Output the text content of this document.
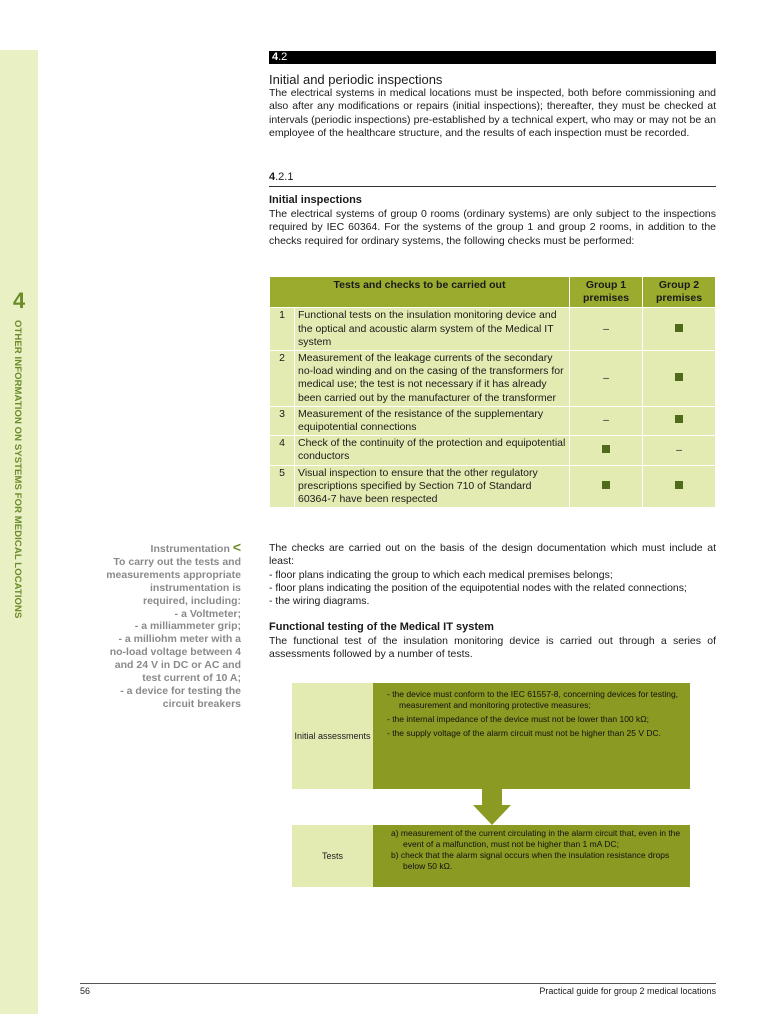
4
OTHER INFORMATION ON SYSTEMS FOR MEDICAL LOCATIONS
4.2
Initial and periodic inspections
The electrical systems in medical locations must be inspected, both before commissioning and also after any modifications or repairs (initial inspections); thereafter, they must be checked at intervals (periodic inspections) pre-established by a technical expert, who may or may not be an employee of the healthcare structure, and the results of each inspection must be recorded.
4.2.1
Initial inspections
The electrical systems of group 0 rooms (ordinary systems) are only subject to the inspections required by IEC 60364. For the systems of the group 1 and group 2 rooms, in addition to the checks required for ordinary systems, the following checks must be performed:
Tests and checks to be carried out		Group 1 premises	Group 2 premises
1	Functional tests on the insulation monitoring device and the optical and acoustic alarm system of the Medical IT system	–	
2	Measurement of the leakage currents of the secondary no-load winding and on the casing of the transformers for medical use; the test is not necessary if it has already been carried out by the manufacturer of the transformer	–	
3	Measurement of the resistance of the supplementary equipotential connections	–	
4	Check of the continuity of the protection and equipotential conductors		–
5	Visual inspection to ensure that the other regulatory prescriptions specified by Section 710 of Standard 60364-7 have been respected		
Instrumentation <
To carry out the tests and
measurements appropriate
instrumentation is
required, including:
- a Voltmeter;
- a milliammeter grip;
- a milliohm meter with a
no-load voltage between 4
and 24 V in DC or AC and
test current of 10 A;
- a device for testing the
circuit breakers
The checks are carried out on the basis of the design documentation which must include at least:
- floor plans indicating the group to which each medical premises belongs;
- floor plans indicating the position of the equipotential nodes with the related connections;
- the wiring diagrams.
Functional testing of the Medical IT system
The functional test of the insulation monitoring device is carried out through a series of assessments followed by a number of tests.
Initial assessments
- the device must conform to the IEC 61557-8, concerning devices for testing, measurement and monitoring protective measures;
- the internal impedance of the device must not be lower than 100 kΩ;
- the supply voltage of the alarm circuit must not be higher than 25 V DC.
Tests
a) measurement of the current circulating in the alarm circuit that, even in the event of a malfunction, must not be higher than 1 mA DC;
b) check that the alarm signal occurs when the insulation resistance drops below 50 kΩ.
56	Practical guide for group 2 medical locations
